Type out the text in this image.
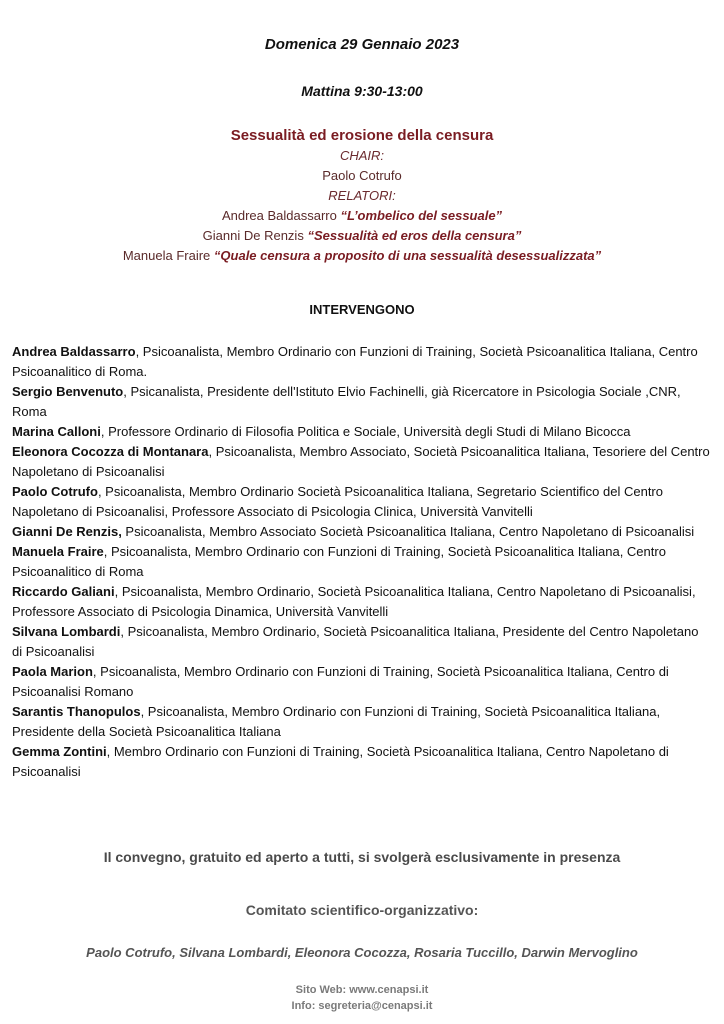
Domenica 29 Gennaio 2023
Mattina 9:30-13:00
Sessualità ed erosione della censura
CHAIR:
Paolo Cotrufo
RELATORI:
Andrea Baldassarro “L’ombelico del sessuale”
Gianni De Renzis “Sessualità ed eros della censura”
Manuela Fraire “Quale censura a proposito di una sessualità desessualizzata”
INTERVENGONO
Andrea Baldassarro, Psicoanalista, Membro Ordinario con Funzioni di Training, Società Psicoanalitica Italiana, Centro Psicoanalitico di Roma.
Sergio Benvenuto, Psicanalista, Presidente dell'Istituto Elvio Fachinelli, già Ricercatore in Psicologia Sociale ,CNR, Roma
Marina Calloni, Professore Ordinario di Filosofia Politica e Sociale, Università degli Studi di Milano Bicocca
Eleonora Cocozza di Montanara, Psicoanalista, Membro Associato, Società Psicoanalitica Italiana, Tesoriere del Centro Napoletano di Psicoanalisi
Paolo Cotrufo, Psicoanalista, Membro Ordinario Società Psicoanalitica Italiana, Segretario Scientifico del Centro Napoletano di Psicoanalisi, Professore Associato di Psicologia Clinica, Università Vanvitelli
Gianni De Renzis, Psicoanalista, Membro Associato Società Psicoanalitica Italiana, Centro Napoletano di Psicoanalisi
Manuela Fraire, Psicoanalista, Membro Ordinario con Funzioni di Training, Società Psicoanalitica Italiana, Centro Psicoanalitico di Roma
Riccardo Galiani, Psicoanalista, Membro Ordinario, Società Psicoanalitica Italiana, Centro Napoletano di Psicoanalisi, Professore Associato di Psicologia Dinamica, Università Vanvitelli
Silvana Lombardi, Psicoanalista, Membro Ordinario, Società Psicoanalitica Italiana, Presidente del Centro Napoletano di Psicoanalisi
Paola Marion, Psicoanalista, Membro Ordinario con Funzioni di Training, Società Psicoanalitica Italiana, Centro di Psicoanalisi Romano
Sarantis Thanopulos, Psicoanalista, Membro Ordinario con Funzioni di Training, Società Psicoanalitica Italiana, Presidente della Società Psicoanalitica Italiana
Gemma Zontini, Membro Ordinario con Funzioni di Training, Società Psicoanalitica Italiana, Centro Napoletano di Psicoanalisi
Il convegno, gratuito ed aperto a tutti, si svolgerà esclusivamente in presenza
Comitato scientifico-organizzativo:
Paolo Cotrufo, Silvana Lombardi, Eleonora Cocozza, Rosaria Tuccillo, Darwin Mervoglino
Sito Web: www.cenapsi.it
Info: segreteria@cenapsi.it
